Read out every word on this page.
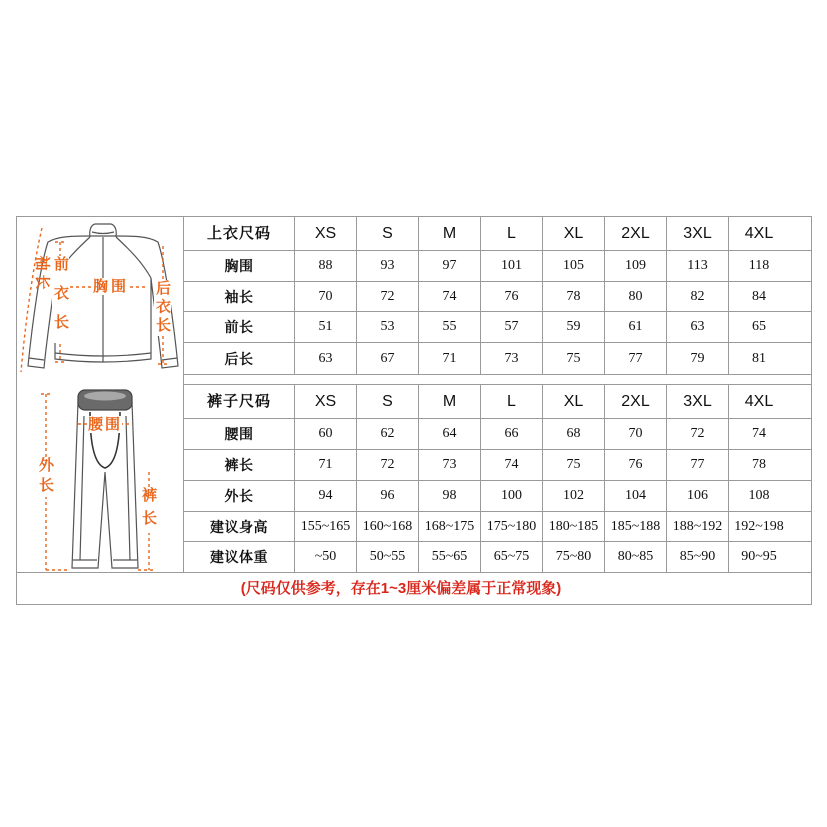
	上衣尺码	XS	S	M	L	XL	2XL	3XL	4XL
	胸围	88	93	97	101	105	109	113	118
	袖长	70	72	74	76	78	80	82	84
	前长	51	53	55	57	59	61	63	65
	后长	63	67	71	73	75	77	79	81

	裤子尺码	XS	S	M	L	XL	2XL	3XL	4XL
	腰围	60	62	64	66	68	70	72	74
	裤长	71	72	73	74	75	76	77	78
	外长	94	96	98	100	102	104	106	108
	建议身高	155~165	160~168	168~175	175~180	180~185	185~188	188~192	192~198
	建议体重	~50	50~55	55~65	65~75	75~80	80~85	85~90	90~95
(尺码仅供参考，存在1~3厘米偏差属于正常现象)									
袖长 前衣长 胸围 后衣长
腰围
外长
裤长
